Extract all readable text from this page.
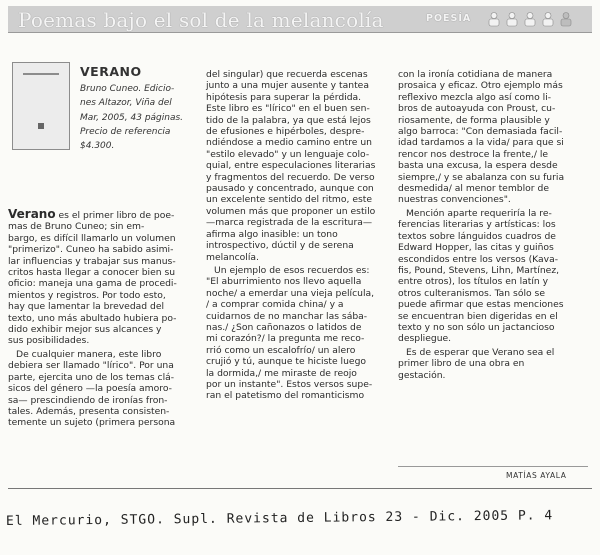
Poemas bajo el sol de la melancolía	POESÍA
VERANO
Bruno Cuneo. Edicio-
nes Altazor, Viña del
Mar, 2005, 43 páginas.
Precio de referencia
$4.300.

Verano es el primer libro de poe-

mas de Bruno Cuneo; sin em-

bargo, es difícil llamarlo un volumen

"primerizo". Cuneo ha sabido asimi-

lar influencias y trabajar sus manus-

critos hasta llegar a conocer bien su

oficio: maneja una gama de procedi-

mientos y registros. Por todo esto,

hay que lamentar la brevedad del

texto, uno más abultado hubiera po-

dido exhibir mejor sus alcances y

sus posibilidades.

De cualquier manera, este libro

debiera ser llamado "lírico". Por una

parte, ejercita uno de los temas clá-

sicos del género —la poesía amoro-

sa— prescindiendo de ironías fron-

tales. Además, presenta consisten-

temente un sujeto (primera persona

del singular) que recuerda escenas

junto a una mujer ausente y tantea

hipótesis para superar la pérdida.

Este libro es "lírico" en el buen sen-

tido de la palabra, ya que está lejos

de efusiones e hipérboles, despre-

ndiéndose a medio camino entre un

"estilo elevado" y un lenguaje colo-

quial, entre especulaciones literarias

y fragmentos del recuerdo. De verso

pausado y concentrado, aunque con

un excelente sentido del ritmo, este

volumen más que proponer un estilo

—marca registrada de la escritura—

afirma algo inasible: un tono

introspectivo, dúctil y de serena

melancolía.

Un ejemplo de esos recuerdos es:

"El aburrimiento nos llevo aquella

noche/ a emerdar una vieja película,

/ a comprar comida china/ y a

cuidarnos de no manchar las sába-

nas./ ¿Son cañonazos o latidos de

mi corazón?/ la pregunta me reco-

rrió como un escalofrío/ un alero

crujió y tú, aunque te hiciste luego

la dormida,/ me miraste de reojo

por un instante". Estos versos supe-

ran el patetismo del romanticismo

con la ironía cotidiana de manera

prosaica y eficaz. Otro ejemplo más

reflexivo mezcla algo así como li-

bros de autoayuda con Proust, cu-

riosamente, de forma plausible y

algo barroca: "Con demasiada facil-

idad tardamos a la vida/ para que si

rencor nos destroce la frente,/ le

basta una excusa, la espera desde

siempre,/ y se abalanza con su furia

desmedida/ al menor temblor de

nuestras convenciones".

Mención aparte requeriría la re-

ferencias literarias y artísticas: los

textos sobre lánguidos cuadros de

Edward Hopper, las citas y guiños

escondidos entre los versos (Kava-

fis, Pound, Stevens, Lihn, Martínez,

entre otros), los títulos en latín y

otros culteranismos. Tan sólo se

puede afirmar que estas menciones

se encuentran bien digeridas en el

texto y no son sólo un jactancioso

despliegue.

Es de esperar que Verano sea el

primer libro de una obra en

gestación.

MATÍAS AYALA
El Mercurio, STGO. Supl. Revista de Libros 23 - Dic. 2005 P. 4
